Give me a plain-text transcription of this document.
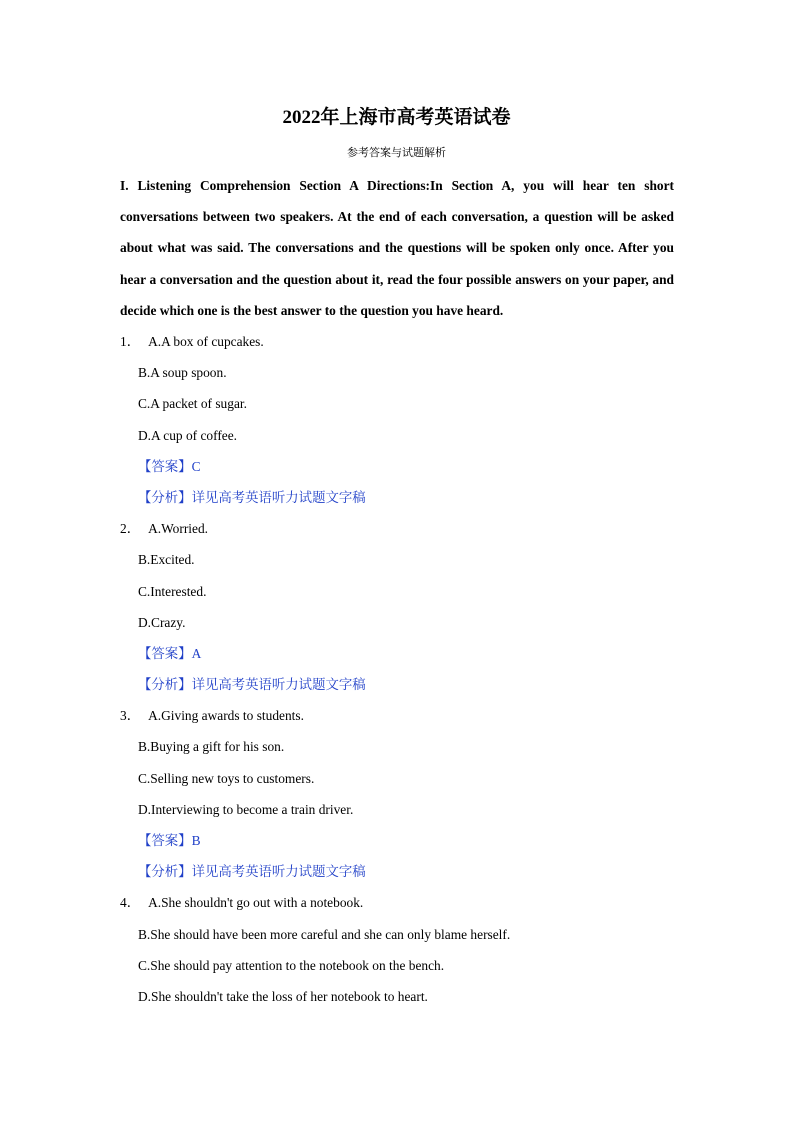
2022年上海市高考英语试卷
参考答案与试题解析

I. Listening Comprehension Section A Directions:In Section A, you will hear ten short conversations between two speakers. At the end of each conversation, a question will be asked about what was said. The conversations and the questions will be spoken only once. After you hear a conversation and the question about it, read the four possible answers on your paper, and decide which one is the best answer to the question you have heard.

1． A.A box of cupcakes.
B.A soup spoon.
C.A packet of sugar.
D.A cup of coffee.
【答案】C
【分析】详见高考英语听力试题文字稿
2． A.Worried.
B.Excited.
C.Interested.
D.Crazy.
【答案】A
【分析】详见高考英语听力试题文字稿
3． A.Giving awards to students.
B.Buying a gift for his son.
C.Selling new toys to customers.
D.Interviewing to become a train driver.
【答案】B
【分析】详见高考英语听力试题文字稿
4． A.She shouldn't go out with a notebook.
B.She should have been more careful and she can only blame herself.
C.She should pay attention to the notebook on the bench.
D.She shouldn't take the loss of her notebook to heart.
